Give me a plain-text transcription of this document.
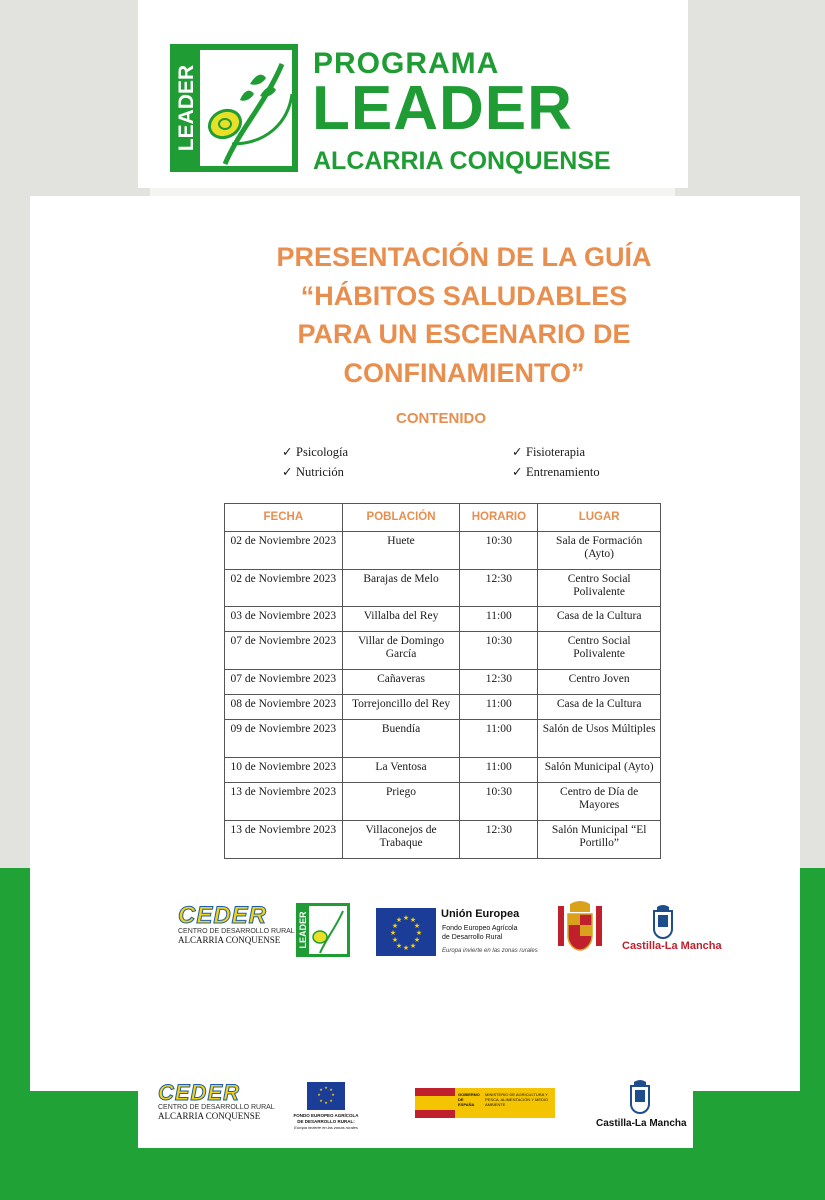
LEADER
PROGRAMA
LEADER
ALCARRIA CONQUENSE
PRESENTACIÓN DE LA GUÍA
“HÁBITOS SALUDABLES
PARA UN ESCENARIO DE
CONFINAMIENTO”
CONTENIDO
✓ Psicología
✓ Nutrición
✓ Fisioterapia
✓ Entrenamiento
FECHA	POBLACIÓN	HORARIO	LUGAR
02 de Noviembre 2023	Huete	10:30	Sala de Formación (Ayto)
02 de Noviembre 2023	Barajas de Melo	12:30	Centro Social Polivalente
03 de Noviembre 2023	Villalba del Rey	11:00	Casa de la Cultura
07 de Noviembre 2023	Villar de Domingo García	10:30	Centro Social Polivalente
07 de Noviembre 2023	Cañaveras	12:30	Centro Joven
08 de Noviembre 2023	Torrejoncillo del Rey	11:00	Casa de la Cultura
09 de Noviembre 2023	Buendía	11:00	Salón de Usos Múltiples
10 de Noviembre 2023	La Ventosa	11:00	Salón Municipal (Ayto)
13 de Noviembre 2023	Priego	10:30	Centro de Día de Mayores
13 de Noviembre 2023	Villaconejos de Trabaque	12:30	Salón Municipal “El Portillo”
CEDER
CENTRO DE DESARROLLO RURAL
ALCARRIA CONQUENSE LEADER	★ ★
★
★
★
★
★
★
★
★
★
★	Unión Europea
Fondo Europeo Agrícola
de Desarrollo Rural
Europa invierte en las zonas rurales	Castilla-La Mancha
CEDER
CENTRO DE DESARROLLO RURAL
ALCARRIA CONQUENSE
★ ★
★
★
★
★
★
★
FONDO EUROPEO AGRÍCOLA
DE DESARROLLO RURAL:
Europa invierte en las zonas rurales
GOBIERNO DE ESPAÑA
MINISTERIO DE AGRICULTURA Y PESCA, ALIMENTACIÓN Y MEDIO AMBIENTE
Castilla-La Mancha
